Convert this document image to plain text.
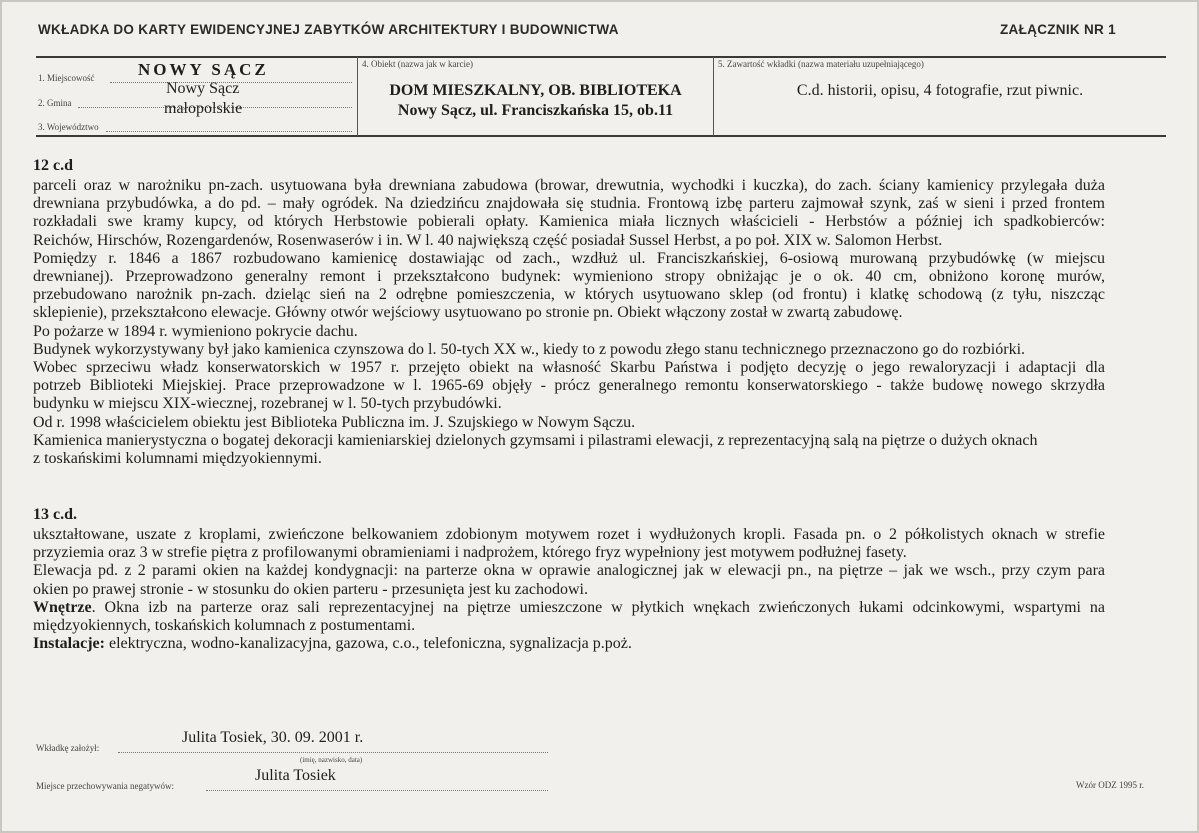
WKŁADKA DO KARTY EWIDENCYJNEJ ZABYTKÓW ARCHITEKTURY I BUDOWNICTWA	ZAŁĄCZNIK NR 1
1. Miejscowość	NOWY SĄCZ
2. Gmina
Nowy Sącz
3. Województwo
małopolskie
4. Obiekt (nazwa jak w karcie)
DOM MIESZKALNY, OB. BIBLIOTEKA
Nowy Sącz, ul. Franciszkańska 15, ob.11
5. Zawartość wkładki (nazwa materiału uzupełniającego)
C.d. historii, opisu, 4 fotografie, rzut piwnic.
12 c.d
parceli oraz w narożniku pn-zach. usytuowana była drewniana zabudowa (browar, drewutnia, wychodki i kuczka), do zach. ściany kamienicy przylegała duża
drewniana przybudówka, a do pd. – mały ogródek. Na dziedzińcu znajdowała się studnia. Frontową izbę parteru zajmował szynk, zaś w sieni i przed frontem
rozkładali swe kramy kupcy, od których Herbstowie pobierali opłaty. Kamienica miała licznych właścicieli - Herbstów a później ich spadkobierców:
Reichów, Hirschów, Rozengardenów, Rosenwaserów i in. W l. 40 największą część posiadał Sussel Herbst, a po poł. XIX w. Salomon Herbst.
Pomiędzy r. 1846 a 1867 rozbudowano kamienicę dostawiając od zach., wzdłuż ul. Franciszkańskiej, 6-osiową murowaną przybudówkę (w miejscu
drewnianej). Przeprowadzono generalny remont i przekształcono budynek: wymieniono stropy obniżając je o ok. 40 cm, obniżono koronę murów,
przebudowano narożnik pn-zach. dzieląc sień na 2 odrębne pomieszczenia, w których usytuowano sklep (od frontu) i klatkę schodową (z tyłu, niszcząc
sklepienie), przekształcono elewacje. Główny otwór wejściowy usytuowano po stronie pn. Obiekt włączony został w zwartą zabudowę.
Po pożarze w 1894 r. wymieniono pokrycie dachu.
Budynek wykorzystywany był jako kamienica czynszowa do l. 50-tych XX w., kiedy to z powodu złego stanu technicznego przeznaczono go do rozbiórki.
Wobec sprzeciwu władz konserwatorskich w 1957 r. przejęto obiekt na własność Skarbu Państwa i podjęto decyzję o jego rewaloryzacji i adaptacji dla
potrzeb Biblioteki Miejskiej. Prace przeprowadzone w l. 1965-69 objęły - prócz generalnego remontu konserwatorskiego - także budowę nowego skrzydła
budynku w miejscu XIX-wiecznej, rozebranej w l. 50-tych przybudówki.
Od r. 1998 właścicielem obiektu jest Biblioteka Publiczna im. J. Szujskiego w Nowym Sączu.
Kamienica manierystyczna o bogatej dekoracji kamieniarskiej dzielonych gzymsami i pilastrami elewacji, z reprezentacyjną salą na piętrze o dużych oknach
z toskańskimi kolumnami międzyokiennymi.
13 c.d.
ukształtowane, uszate z kroplami, zwieńczone belkowaniem zdobionym motywem rozet i wydłużonych kropli. Fasada pn. o 2 półkolistych oknach w strefie
przyziemia oraz 3 w strefie piętra z profilowanymi obramieniami i nadprożem, którego fryz wypełniony jest motywem podłużnej fasety.
Elewacja pd. z 2 parami okien na każdej kondygnacji: na parterze okna w oprawie analogicznej jak w elewacji pn., na piętrze – jak we wsch., przy czym para
okien po prawej stronie - w stosunku do okien parteru - przesunięta jest ku zachodowi.
Wnętrze. Okna izb na parterze oraz sali reprezentacyjnej na piętrze umieszczone w płytkich wnękach zwieńczonych łukami odcinkowymi, wspartymi na
międzyokiennych, toskańskich kolumnach z postumentami.
Instalacje: elektryczna, wodno-kanalizacyjna, gazowa, c.o., telefoniczna, sygnalizacja p.poż.
Wkładkę założył:
Julita Tosiek, 30. 09. 2001 r.
(imię, nazwisko, data)
Miejsce przechowywania negatywów:
Julita Tosiek
Wzór ODZ 1995 r.
